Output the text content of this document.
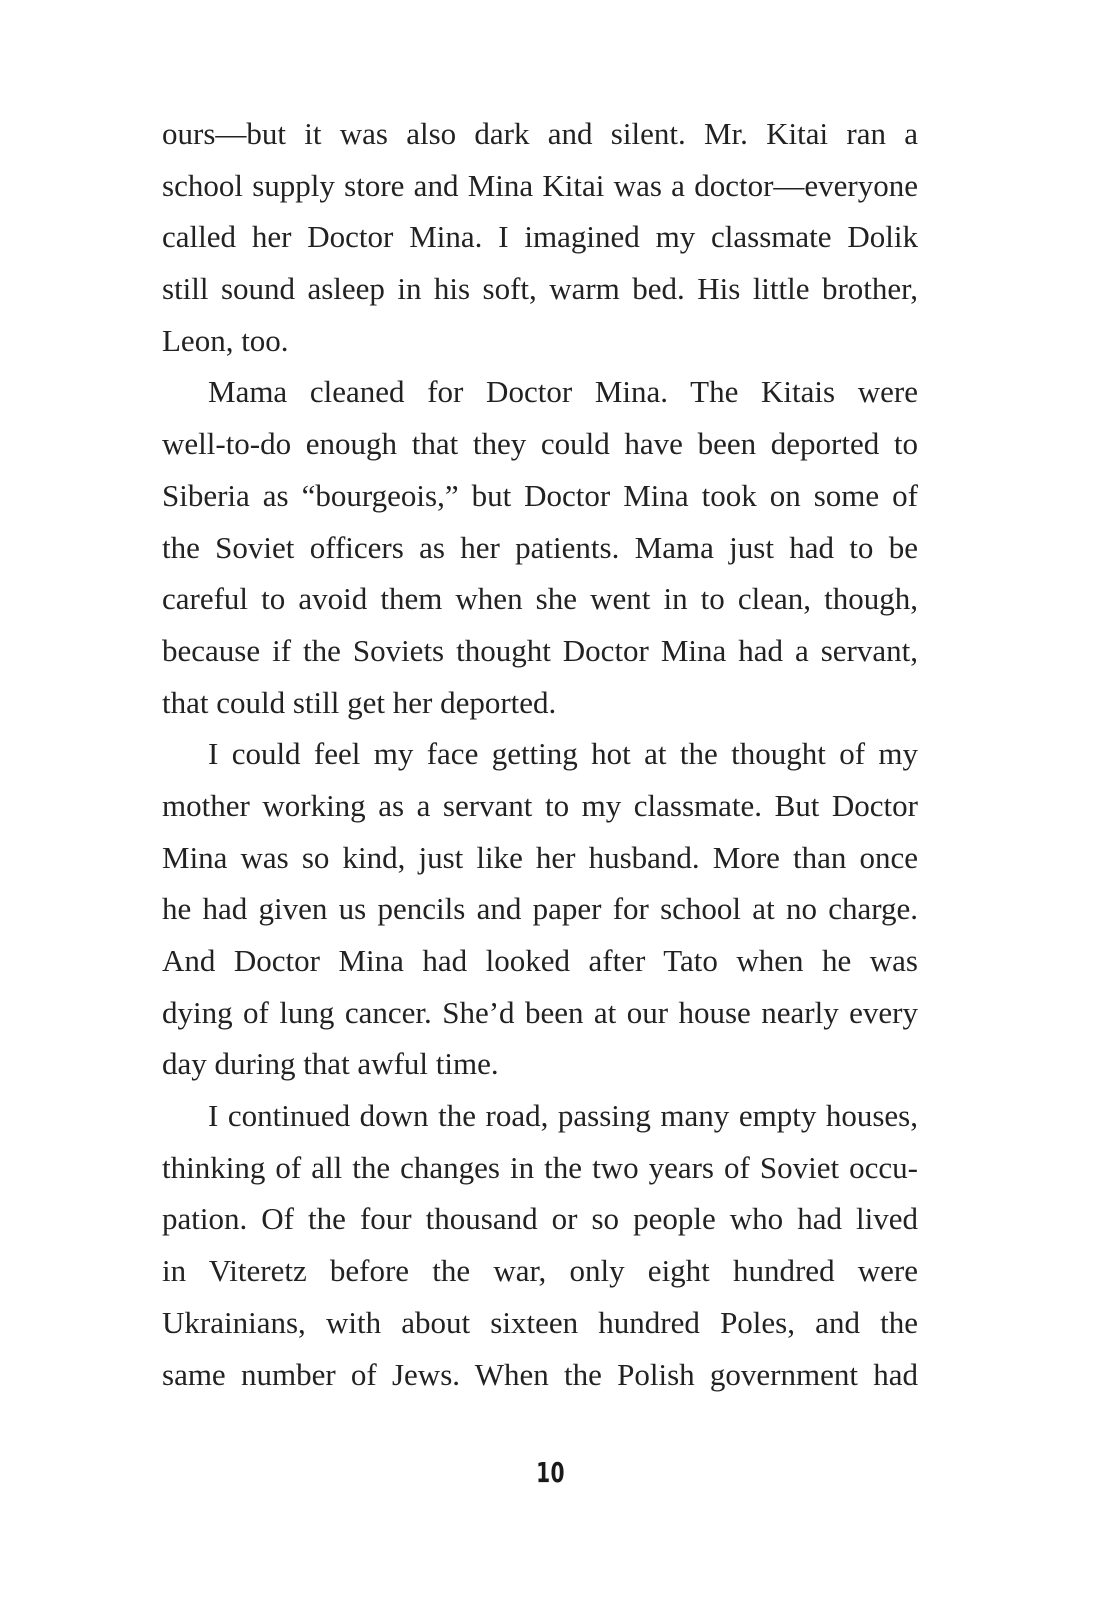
ours—but it was also dark and silent. Mr. Kitai ran a
school supply store and Mina Kitai was a doctor—everyone
called her Doctor Mina. I imagined my classmate Dolik
still sound asleep in his soft, warm bed. His little brother,
Leon, too.
Mama cleaned for Doctor Mina. The Kitais were
well-to-do enough that they could have been deported to
Siberia as “bourgeois,” but Doctor Mina took on some of
the Soviet officers as her patients. Mama just had to be
careful to avoid them when she went in to clean, though,
because if the Soviets thought Doctor Mina had a servant,
that could still get her deported.
I could feel my face getting hot at the thought of my
mother working as a servant to my classmate. But Doctor
Mina was so kind, just like her husband. More than once
he had given us pencils and paper for school at no charge.
And Doctor Mina had looked after Tato when he was
dying of lung cancer. She’d been at our house nearly every
day during that awful time.
I continued down the road, passing many empty houses,
thinking of all the changes in the two years of Soviet occu-
pation. Of the four thousand or so people who had lived
in Viteretz before the war, only eight hundred were
Ukrainians, with about sixteen hundred Poles, and the
same number of Jews. When the Polish government had
10
